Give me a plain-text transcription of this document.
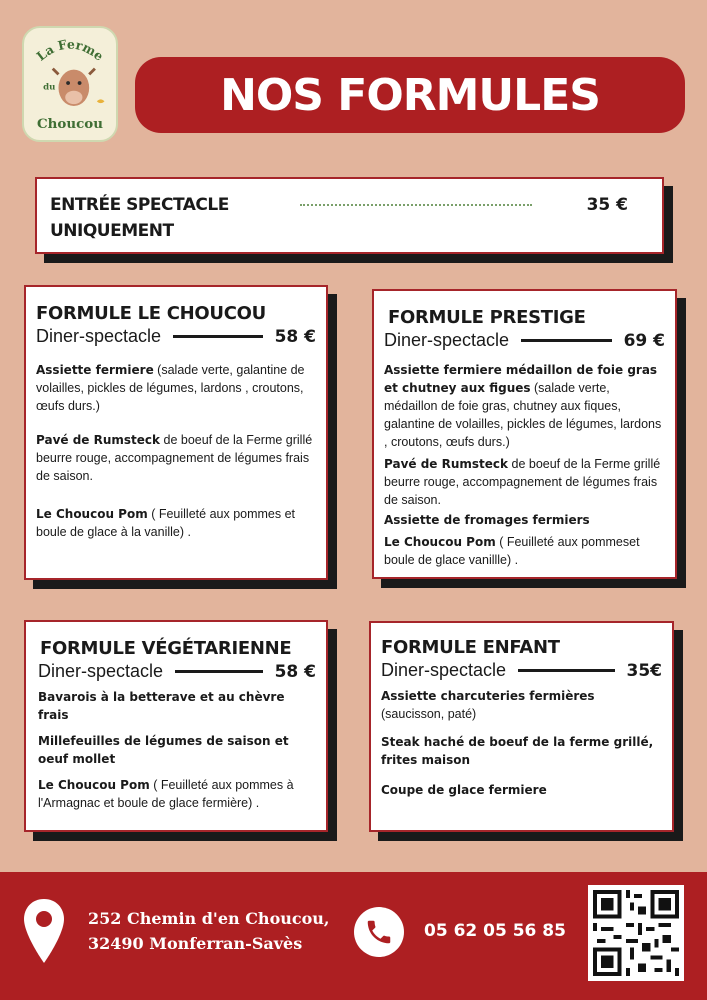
La Ferme
du
Choucou
NOS FORMULES
ENTRÉE SPECTACLE
UNIQUEMENT
35 €
FORMULE LE CHOUCOU
Diner-spectacle	58 €
Assiette fermiere (salade verte, galantine de volailles, pickles de légumes, lardons , croutons, œufs durs.)
Pavé de Rumsteck de boeuf de la Ferme grillé beurre rouge, accompagnement de légumes frais de saison.
Le Choucou Pom ( Feuilleté aux pommes et boule de glace à la vanille) .
FORMULE PRESTIGE
Diner-spectacle	69 €
Assiette fermiere médaillon de foie gras et chutney aux figues (salade verte, médaillon de foie gras, chutney aux fiques, galantine de volailles, pickles de légumes, lardons , croutons, œufs durs.)
Pavé de Rumsteck de boeuf de la Ferme grillé beurre rouge, accompagnement de légumes frais de saison.
Assiette de fromages fermiers
Le Choucou Pom ( Feuilleté aux pommeset boule de glace vanillle) .
FORMULE VÉGÉTARIENNE
Diner-spectacle	58 €
Bavarois à la betterave et au chèvre frais
Millefeuilles de légumes de saison et oeuf mollet
Le Choucou Pom ( Feuilleté aux pommes à l'Armagnac et boule de glace fermière) .
FORMULE ENFANT
Diner-spectacle	35€
Assiette charcuteries fermières
(saucisson, paté)
Steak haché de boeuf de la ferme grillé, frites maison
Coupe de glace fermiere
252 Chemin d'en Choucou,
32490 Monferran-Savès
05 62 05 56 85
